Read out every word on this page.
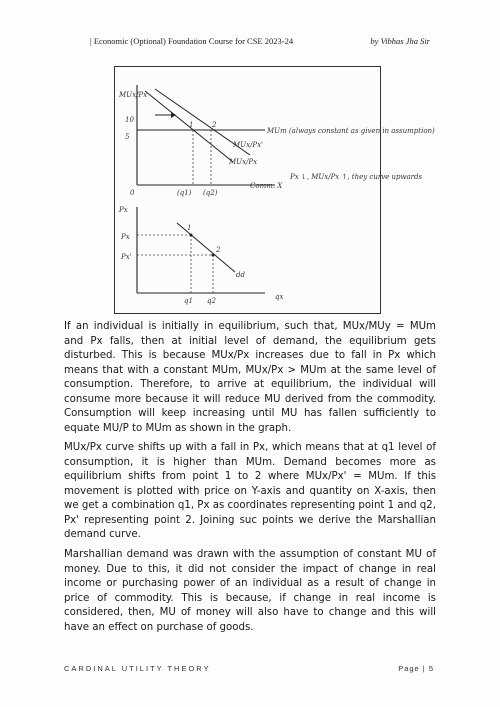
| Economic (Optional) Foundation Course for CSE 2023-24	by Vibhas Jha Sir
MUx/Px
10
5
0
1	2
(q1) (q2)
MUm (always constant as given in assumption)
MUx/Px'
MUx/Px
Comm. X
Px ↓, MUx/Px ↑, they curve upwards
Px
Px
Px'
1
2
dd
q1 q2	qx

If an individual is initially in equilibrium, such that, MUx/MUy = MUm and Px falls, then at initial level of demand, the equilibrium gets disturbed. This is because MUx/Px increases due to fall in Px which means that with a constant MUm, MUx/Px > MUm at the same level of consumption. Therefore, to arrive at equilibrium, the individual will consume more because it will reduce MU derived from the commodity. Consumption will keep increasing until MU has fallen sufficiently to equate MU/P to MUm as shown in the graph.

MUx/Px curve shifts up with a fall in Px, which means that at q1 level of consumption, it is higher than MUm. Demand becomes more as equilibrium shifts from point 1 to 2 where MUx/Px' = MUm. If this movement is plotted with price on Y-axis and quantity on X-axis, then we get a combination q1, Px as coordinates representing point 1 and q2, Px' representing point 2. Joining suc points we derive the Marshallian demand curve.

Marshallian demand was drawn with the assumption of constant MU of money. Due to this, it did not consider the impact of change in real income or purchasing power of an individual as a result of change in price of commodity. This is because, if change in real income is considered, then, MU of money will also have to change and this will have an effect on purchase of goods.

CARDINAL UTILITY THEORY	Page | 5
